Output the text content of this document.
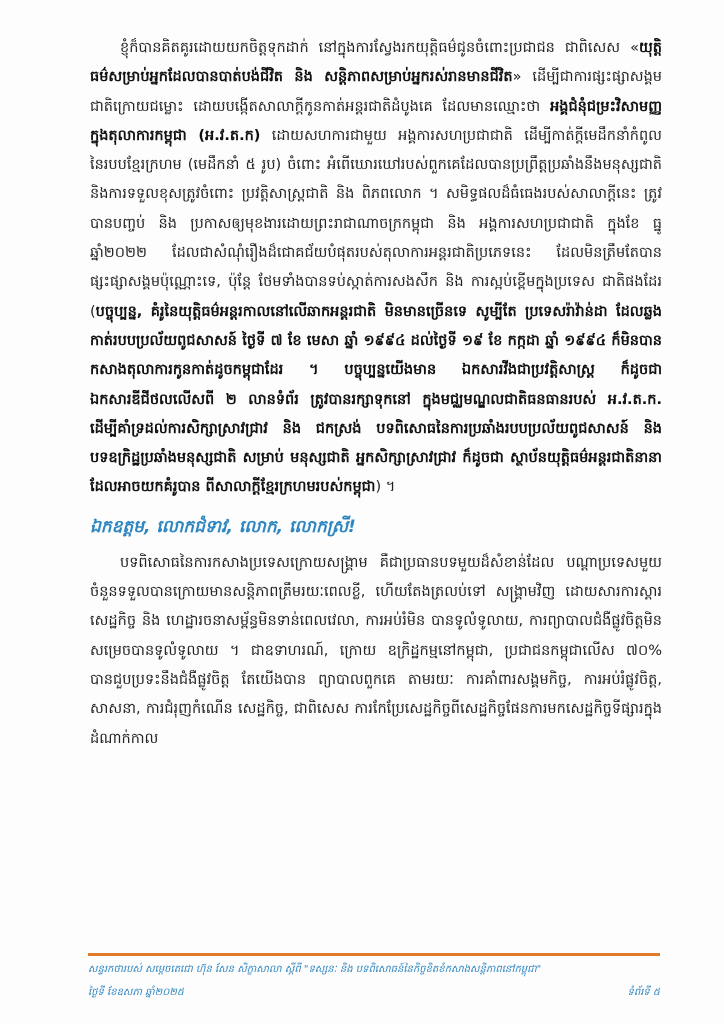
ខ្ញុំក៏បានគិតគូរដោយយកចិត្តទុកដាក់ នៅក្នុងការស្វែងរកយុត្តិធម៌ជូនចំពោះប្រជាជន ជាពិសេស «យុត្តិធម៌សម្រាប់អ្នកដែលបានបាត់បង់ជីវិត និង សន្តិភាពសម្រាប់អ្នករស់រានមានជីវិត» ដើម្បីជាការផ្សះផ្សាសង្គមជាតិក្រោយជម្លោះ ដោយបង្កើតសាលាក្តីកូនកាត់អន្តរជាតិដំបូងគេ ដែលមានឈ្មោះថា អង្គជំនុំជម្រះវិសាមញ្ញក្នុងតុលាការកម្ពុជា (អ.វ.ត.ក) ដោយសហការជាមួយ អង្គការសហប្រជាជាតិ ដើម្បីកាត់ក្តីមេដឹកនាំកំពូលនៃរបបខ្មែរក្រហម (មេដឹកនាំ ៥ រូប) ចំពោះ អំពើឃោរឃៅរបស់ពួកគេដែលបានប្រព្រឹត្តប្រឆាំងនឹងមនុស្សជាតិ និងការទទួលខុសត្រូវចំពោះ ប្រវត្តិសាស្ត្រជាតិ និង ពិភពលោក ។ សមិទ្ធផលដ៏ធំធេងរបស់សាលាក្តីនេះ ត្រូវបានបញ្ចប់ និង ប្រកាសឲ្យមុខងារដោយព្រះរាជាណាចក្រកម្ពុជា និង អង្គការសហប្រជាជាតិ ក្នុងខែ ធ្នូ ឆ្នាំ២០២២ ដែលជាសំណុំរឿងដ៏ជោគជ័យបំផុតរបស់តុលាការអន្តរជាតិប្រភេទនេះ ដែលមិនត្រឹមតែបាន ផ្សះផ្សាសង្គមប៉ុណ្ណោះទេ, ប៉ុន្តែ ថែមទាំងបានទប់ស្កាត់ការសងសឹក និង ការស្អប់ខ្ពើមក្នុងប្រទេស ជាតិផងដែរ (បច្ចុប្បន្ន, គំរូនៃយុត្តិធម៌អន្តរកាលនៅលើឆាកអន្តរជាតិ មិនមានច្រើនទេ សូម្បីតែ ប្រទេសរ៉ាវ៉ាន់ដា ដែលឆ្លងកាត់របបប្រល័យពូជសាសន៍ ថ្ងៃទី ៧ ខែ មេសា ឆ្នាំ ១៩៩៤ ដល់ថ្ងៃទី ១៩ ខែ កក្កដា ឆ្នាំ ១៩៩៤ ក៏មិនបានកសាងតុលាការកូនកាត់ដូចកម្ពុជាដែរ ។ បច្ចុប្បន្នយើងមាន ឯកសារវីងជាប្រវត្តិសាស្ត្រ ក៏ដូចជាឯកសារឌីជីថលលើសពី ២ លានទំព័រ ត្រូវបានរក្សាទុកនៅ ក្នុងមជ្ឈមណ្ឌលជាតិធនធានរបស់ អ.វ.ត.ក. ដើម្បីគាំទ្រដល់ការសិក្សាស្រាវជ្រាវ និង ជកស្រង់ បទពិសោធនៃការប្រឆាំងរបបប្រល័យពូជសាសន៍ និង បទឧក្រិដ្ឋប្រឆាំងមនុស្សជាតិ សម្រាប់ មនុស្សជាតិ អ្នកសិក្សាស្រាវជ្រាវ ក៏ដូចជា ស្ថាប័នយុត្តិធម៌អន្តរជាតិនានា ដែលអាចយកគំរូបាន ពីសាលាក្តីខ្មែរក្រហមរបស់កម្ពុជា) ។

ឯកឧត្តម, លោកជំទាវ, លោក, លោកស្រី!

បទពិសោធនៃការកសាងប្រទេសក្រោយសង្គ្រាម គឺជាប្រធានបទមួយដ៏សំខាន់ដែល បណ្តាប្រទេសមួយចំនួនទទួលបានក្រោយមានសន្តិភាពត្រឹមរយៈពេលខ្លី, ហើយតែងត្រលប់ទៅ សង្គ្រាមវិញ ដោយសារការស្តារសេដ្ឋកិច្ច និង ហេដ្ឋារចនាសម្ព័ន្ធមិនទាន់ពេលវេលា, ការអប់រំមិន បានទូលំទូលាយ, ការព្យាបាលជំងឺផ្លូវចិត្តមិនសម្រេចបានទូលំទូលាយ ។ ជាឧទាហរណ៍, ក្រោយ ឧក្រិដ្ឋកម្មនៅកម្ពុជា, ប្រជាជនកម្ពុជាលើស ៧០% បានជួបប្រទះនឹងជំងឺផ្លូវចិត្ត តែយើងបាន ព្យាបាលពួកគេ តាមរយៈ ការគាំពារសង្គមកិច្ច, ការអប់រំផ្លូវចិត្ត, សាសនា, ការជំរុញកំណើន សេដ្ឋកិច្ច, ជាពិសេស ការកែប្រែសេដ្ឋកិច្ចពីសេដ្ឋកិច្ចផែនការមកសេដ្ឋកិច្ចទីផ្សារក្នុងដំណាក់កាល

សន្ទរកថារបស់ សម្តេចតេជោ ហ៊ុន សែន សិក្ខាសាលា ស្តីពី "ទស្សនៈ និង បទពិសោធន៍នៃកិច្ចខិតខំកសាងសន្តិភាពនៅកម្ពុជា"
ថ្ងៃទី ខែឧសភា ឆ្នាំ២០២៥	ទំព័រទី ៥
